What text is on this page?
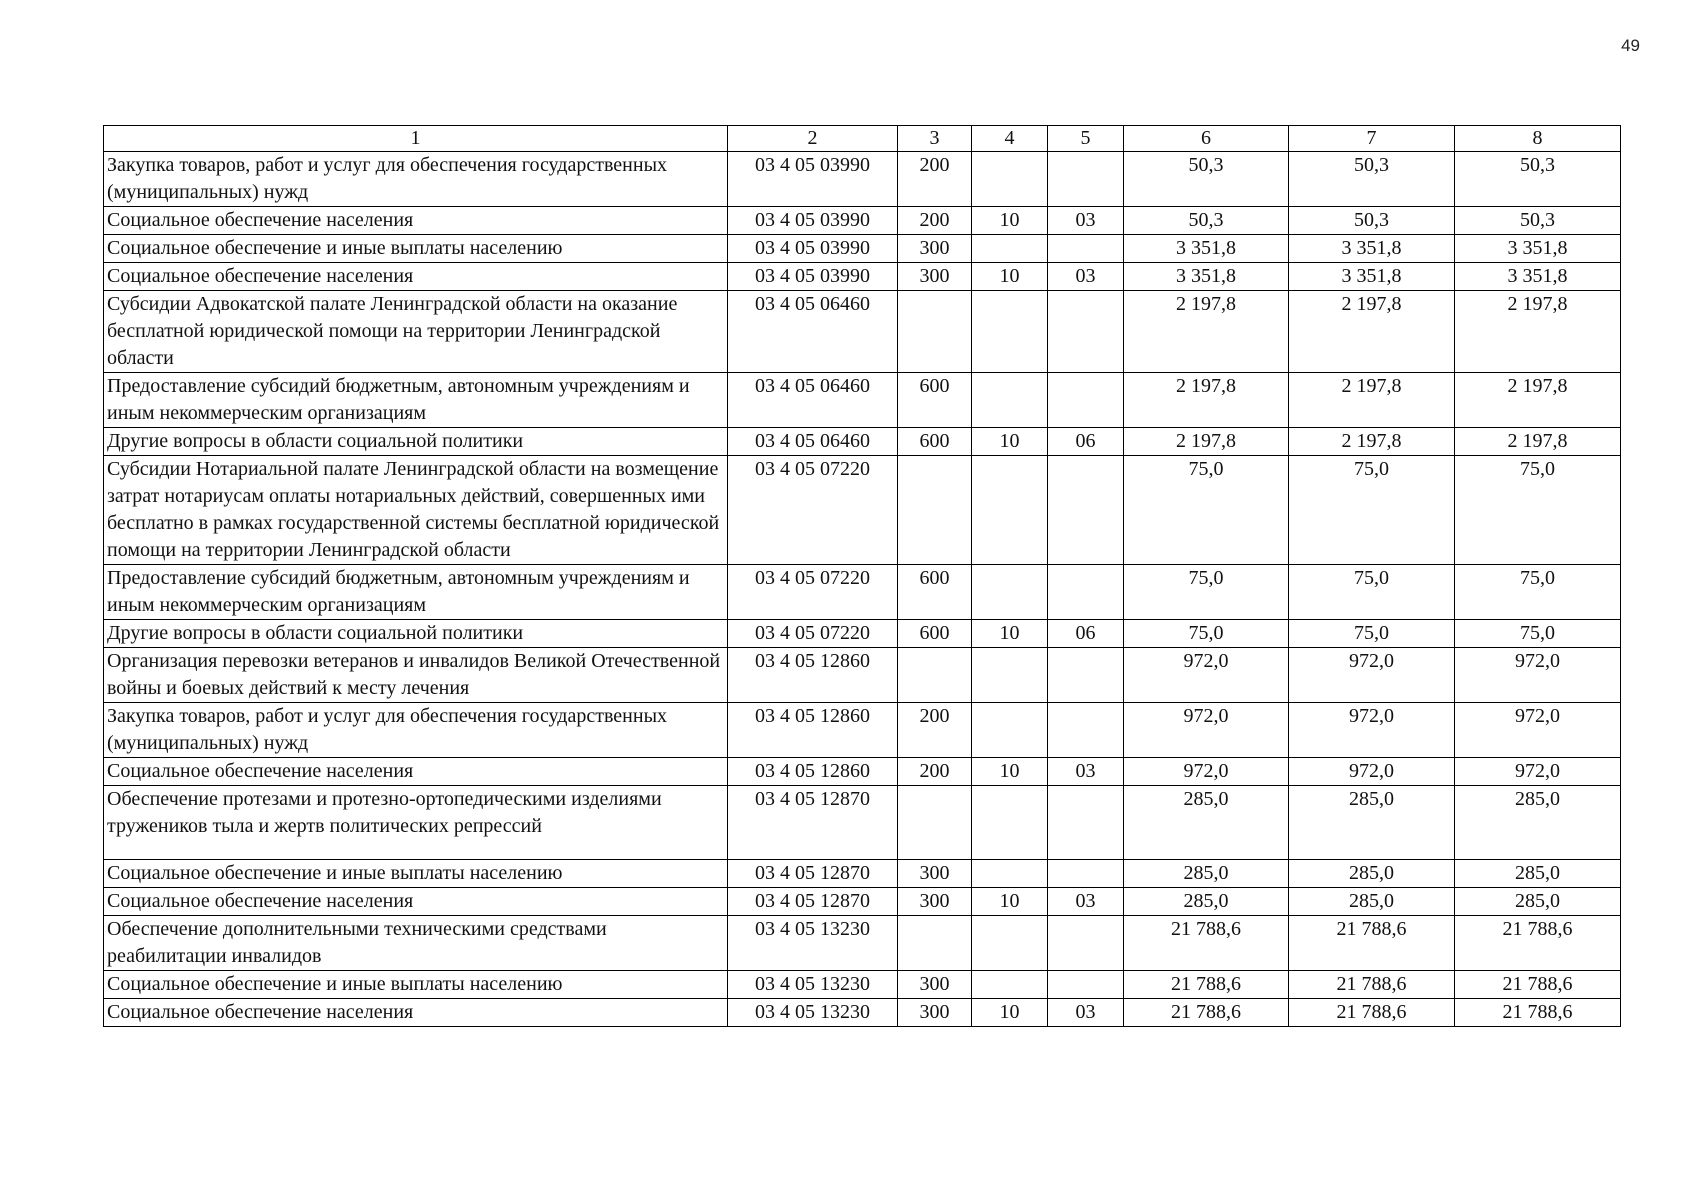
49
1	2	3	4	5	6	7	8
Закупка товаров, работ и услуг для обеспечения государственных (муниципальных) нужд	03 4 05 03990	200			50,3	50,3	50,3
Социальное обеспечение населения	03 4 05 03990	200	10	03	50,3	50,3	50,3
Социальное обеспечение и иные выплаты населению	03 4 05 03990	300			3 351,8	3 351,8	3 351,8
Социальное обеспечение населения	03 4 05 03990	300	10	03	3 351,8	3 351,8	3 351,8
Субсидии Адвокатской палате Ленинградской области на оказание бесплатной юридической помощи на территории Ленинградской области	03 4 05 06460				2 197,8	2 197,8	2 197,8
Предоставление субсидий бюджетным, автономным учреждениям и иным некоммерческим организациям	03 4 05 06460	600			2 197,8	2 197,8	2 197,8
Другие вопросы в области социальной политики	03 4 05 06460	600	10	06	2 197,8	2 197,8	2 197,8
Субсидии Нотариальной палате Ленинградской области на возмещение затрат нотариусам оплаты нотариальных действий, совершенных ими бесплатно в рамках государственной системы бесплатной юридической помощи на территории Ленинградской области	03 4 05 07220				75,0	75,0	75,0
Предоставление субсидий бюджетным, автономным учреждениям и иным некоммерческим организациям	03 4 05 07220	600			75,0	75,0	75,0
Другие вопросы в области социальной политики	03 4 05 07220	600	10	06	75,0	75,0	75,0
Организация перевозки ветеранов и инвалидов Великой Отечественной войны и боевых действий к месту лечения	03 4 05 12860				972,0	972,0	972,0
Закупка товаров, работ и услуг для обеспечения государственных (муниципальных) нужд	03 4 05 12860	200			972,0	972,0	972,0
Социальное обеспечение населения	03 4 05 12860	200	10	03	972,0	972,0	972,0
Обеспечение протезами и протезно-ортопедическими изделиями тружеников тыла и жертв политических репрессий	03 4 05 12870				285,0	285,0	285,0
Социальное обеспечение и иные выплаты населению	03 4 05 12870	300			285,0	285,0	285,0
Социальное обеспечение населения	03 4 05 12870	300	10	03	285,0	285,0	285,0
Обеспечение дополнительными техническими средствами реабилитации инвалидов	03 4 05 13230				21 788,6	21 788,6	21 788,6
Социальное обеспечение и иные выплаты населению	03 4 05 13230	300			21 788,6	21 788,6	21 788,6
Социальное обеспечение населения	03 4 05 13230	300	10	03	21 788,6	21 788,6	21 788,6
